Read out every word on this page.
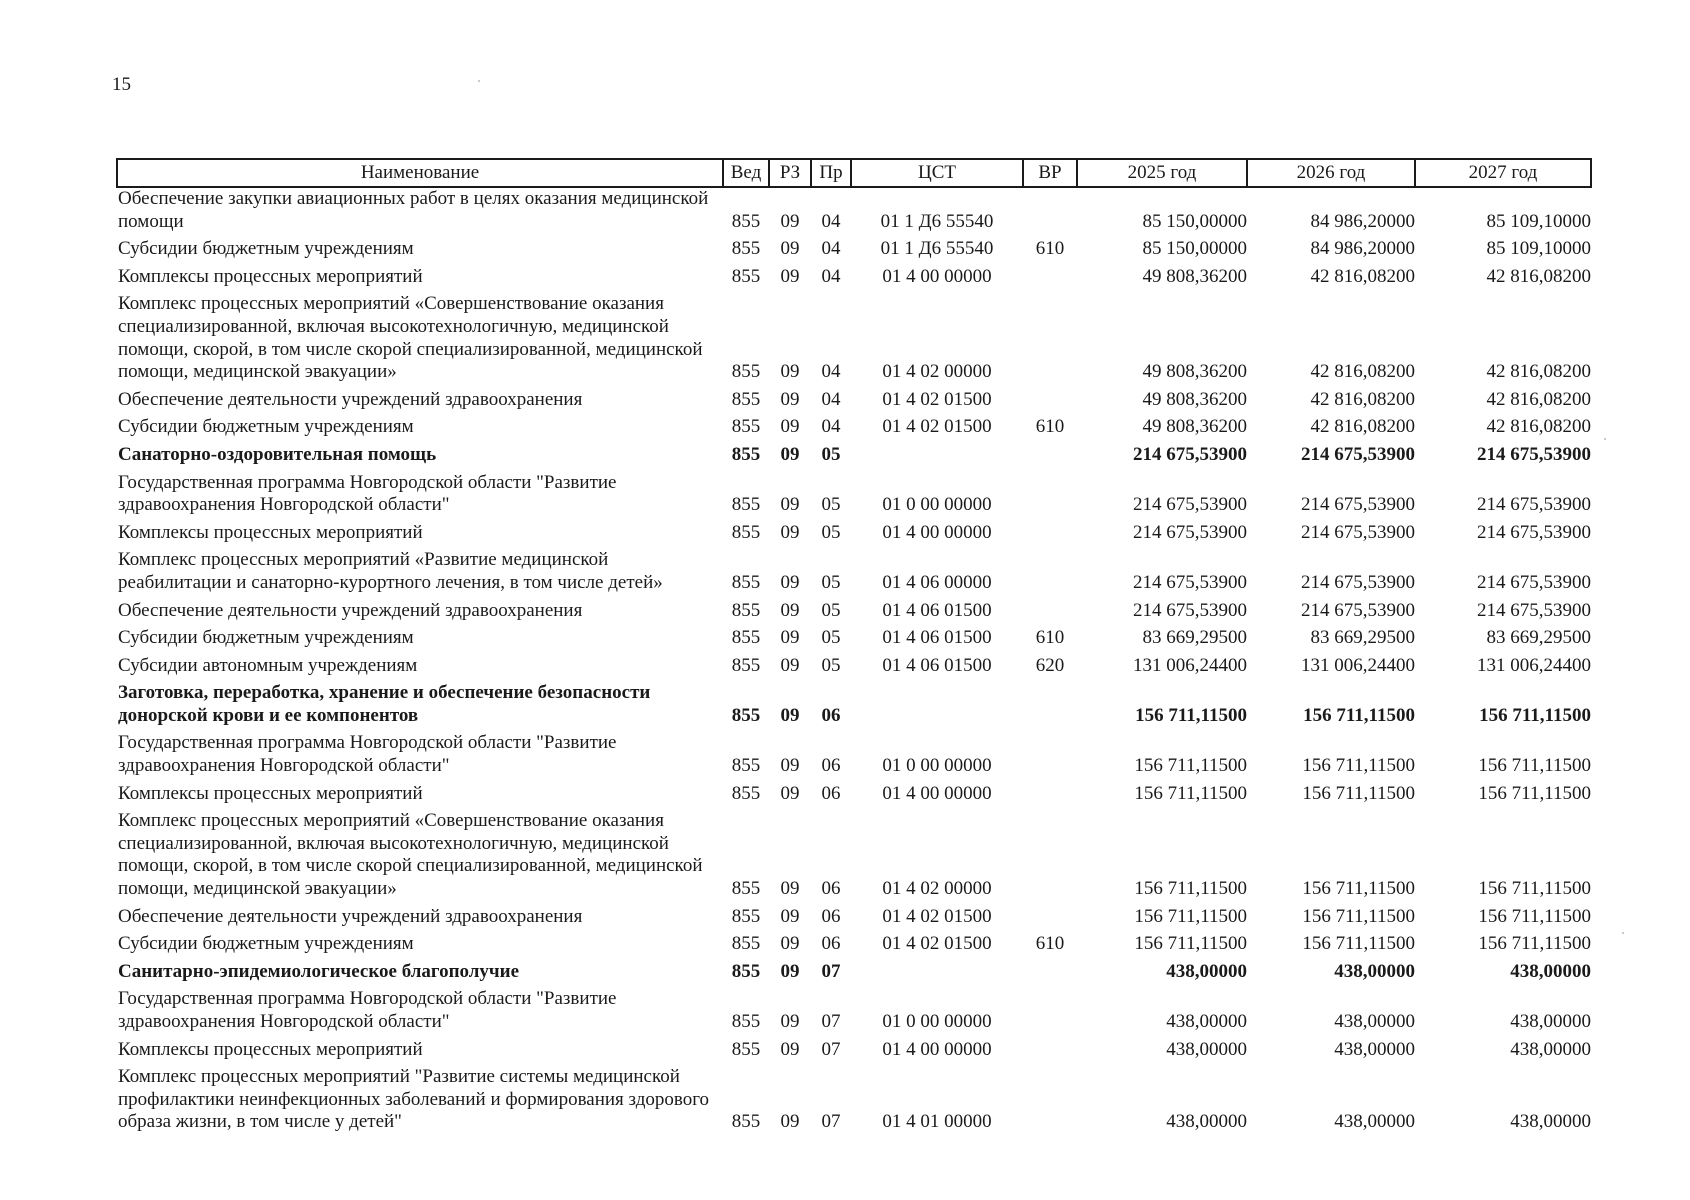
15
Наименование	Вед	РЗ	Пр	ЦСТ	ВР	2025 год	2026 год	2027 год
Обеспечение закупки авиационных работ в целях оказания медицинской помощи	855	09	04	01 1 Д6 55540		85 150,00000	84 986,20000	85 109,10000
Субсидии бюджетным учреждениям	855	09	04	01 1 Д6 55540	610	85 150,00000	84 986,20000	85 109,10000
Комплексы процессных мероприятий	855	09	04	01 4 00 00000		49 808,36200	42 816,08200	42 816,08200
Комплекс процессных мероприятий «Совершенствование оказания специализированной, включая высокотехнологичную, медицинской помощи, скорой, в том числе скорой специализированной, медицинской помощи, медицинской эвакуации»	855	09	04	01 4 02 00000		49 808,36200	42 816,08200	42 816,08200
Обеспечение деятельности учреждений здравоохранения	855	09	04	01 4 02 01500		49 808,36200	42 816,08200	42 816,08200
Субсидии бюджетным учреждениям	855	09	04	01 4 02 01500	610	49 808,36200	42 816,08200	42 816,08200
Санаторно-оздоровительная помощь	855	09	05			214 675,53900	214 675,53900	214 675,53900
Государственная программа Новгородской области "Развитие здравоохранения Новгородской области"	855	09	05	01 0 00 00000		214 675,53900	214 675,53900	214 675,53900
Комплексы процессных мероприятий	855	09	05	01 4 00 00000		214 675,53900	214 675,53900	214 675,53900
Комплекс процессных мероприятий «Развитие медицинской реабилитации и санаторно-курортного лечения, в том числе детей»	855	09	05	01 4 06 00000		214 675,53900	214 675,53900	214 675,53900
Обеспечение деятельности учреждений здравоохранения	855	09	05	01 4 06 01500		214 675,53900	214 675,53900	214 675,53900
Субсидии бюджетным учреждениям	855	09	05	01 4 06 01500	610	83 669,29500	83 669,29500	83 669,29500
Субсидии автономным учреждениям	855	09	05	01 4 06 01500	620	131 006,24400	131 006,24400	131 006,24400
Заготовка, переработка, хранение и обеспечение безопасности донорской крови и ее компонентов	855	09	06			156 711,11500	156 711,11500	156 711,11500
Государственная программа Новгородской области "Развитие здравоохранения Новгородской области"	855	09	06	01 0 00 00000		156 711,11500	156 711,11500	156 711,11500
Комплексы процессных мероприятий	855	09	06	01 4 00 00000		156 711,11500	156 711,11500	156 711,11500
Комплекс процессных мероприятий «Совершенствование оказания специализированной, включая высокотехнологичную, медицинской помощи, скорой, в том числе скорой специализированной, медицинской помощи, медицинской эвакуации»	855	09	06	01 4 02 00000		156 711,11500	156 711,11500	156 711,11500
Обеспечение деятельности учреждений здравоохранения	855	09	06	01 4 02 01500		156 711,11500	156 711,11500	156 711,11500
Субсидии бюджетным учреждениям	855	09	06	01 4 02 01500	610	156 711,11500	156 711,11500	156 711,11500
Санитарно-эпидемиологическое благополучие	855	09	07			438,00000	438,00000	438,00000
Государственная программа Новгородской области "Развитие здравоохранения Новгородской области"	855	09	07	01 0 00 00000		438,00000	438,00000	438,00000
Комплексы процессных мероприятий	855	09	07	01 4 00 00000		438,00000	438,00000	438,00000
Комплекс процессных мероприятий "Развитие системы медицинской профилактики неинфекционных заболеваний и формирования здорового образа жизни, в том числе у детей"	855	09	07	01 4 01 00000		438,00000	438,00000	438,00000
